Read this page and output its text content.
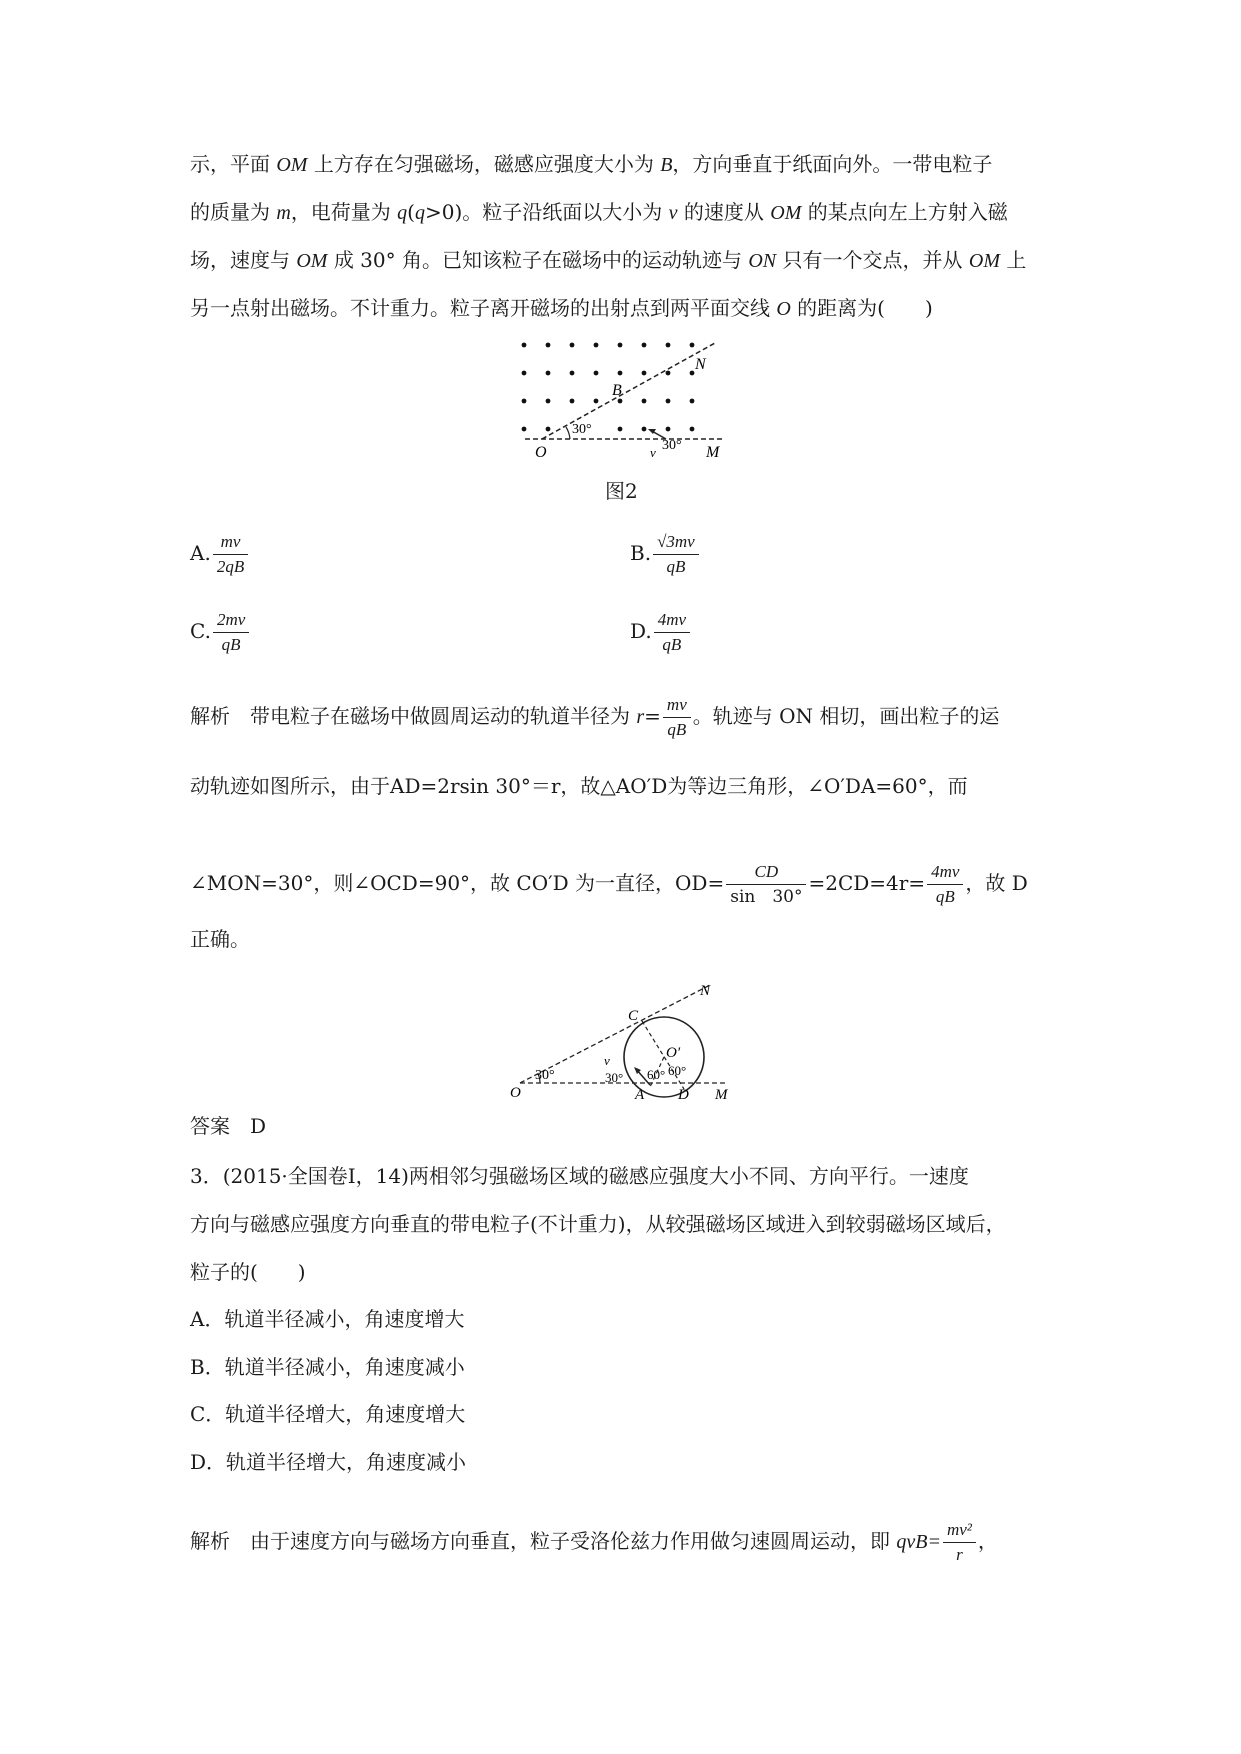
示，平面 OM 上方存在匀强磁场，磁感应强度大小为 B，方向垂直于纸面向外。一带电粒子
的质量为 m，电荷量为 q(q>0)。粒子沿纸面以大小为 v 的速度从 OM 的某点向左上方射入磁
场，速度与 OM 成 30° 角。已知该粒子在磁场中的运动轨迹与 ON 只有一个交点，并从 OM 上
另一点射出磁场。不计重力。粒子离开磁场的出射点到两平面交线 O 的距离为(　　)
N
B
30°
O	v 30° M
图2
A. $\frac{mv}{2qB}$	B. $\frac{√3mv}{qB}$
C. $\frac{2mv}{qB}$	D. $\frac{4mv}{qB}$
解析　 带电粒子在磁场中做圆周运动的轨道半径为 $r= \frac{mv}{qB}$ 。轨迹与 ON 相切，画出粒子的运
动轨迹如图所示，由于AD=2rsin 30°＝r，故△AO′D为等边三角形，∠O′DA=60°，而
∠MON=30°，则∠OCD=90°，故 CO′D 为一直径，$OD= \frac{CD}{\sin 30^\circ} =2CD=4r= \frac{4mv}{qB}$ ，故 D
正确。
C
N
O′
60°
v
30°	30° 60°
O	A D M
答案　 D
3．(2015·全国卷Ⅰ，14)两相邻匀强磁场区域的磁感应强度大小不同、方向平行。一速度
方向与磁感应强度方向垂直的带电粒子(不计重力)，从较强磁场区域进入到较弱磁场区域后，
粒子的(　　)
A．轨道半径减小，角速度增大
B．轨道半径减小，角速度减小
C．轨道半径增大，角速度增大
D．轨道半径增大，角速度减小
解析　 由于速度方向与磁场方向垂直，粒子受洛伦兹力作用做匀速圆周运动，即 $qvB= \frac{\text{mv²}}{r}$ ，
